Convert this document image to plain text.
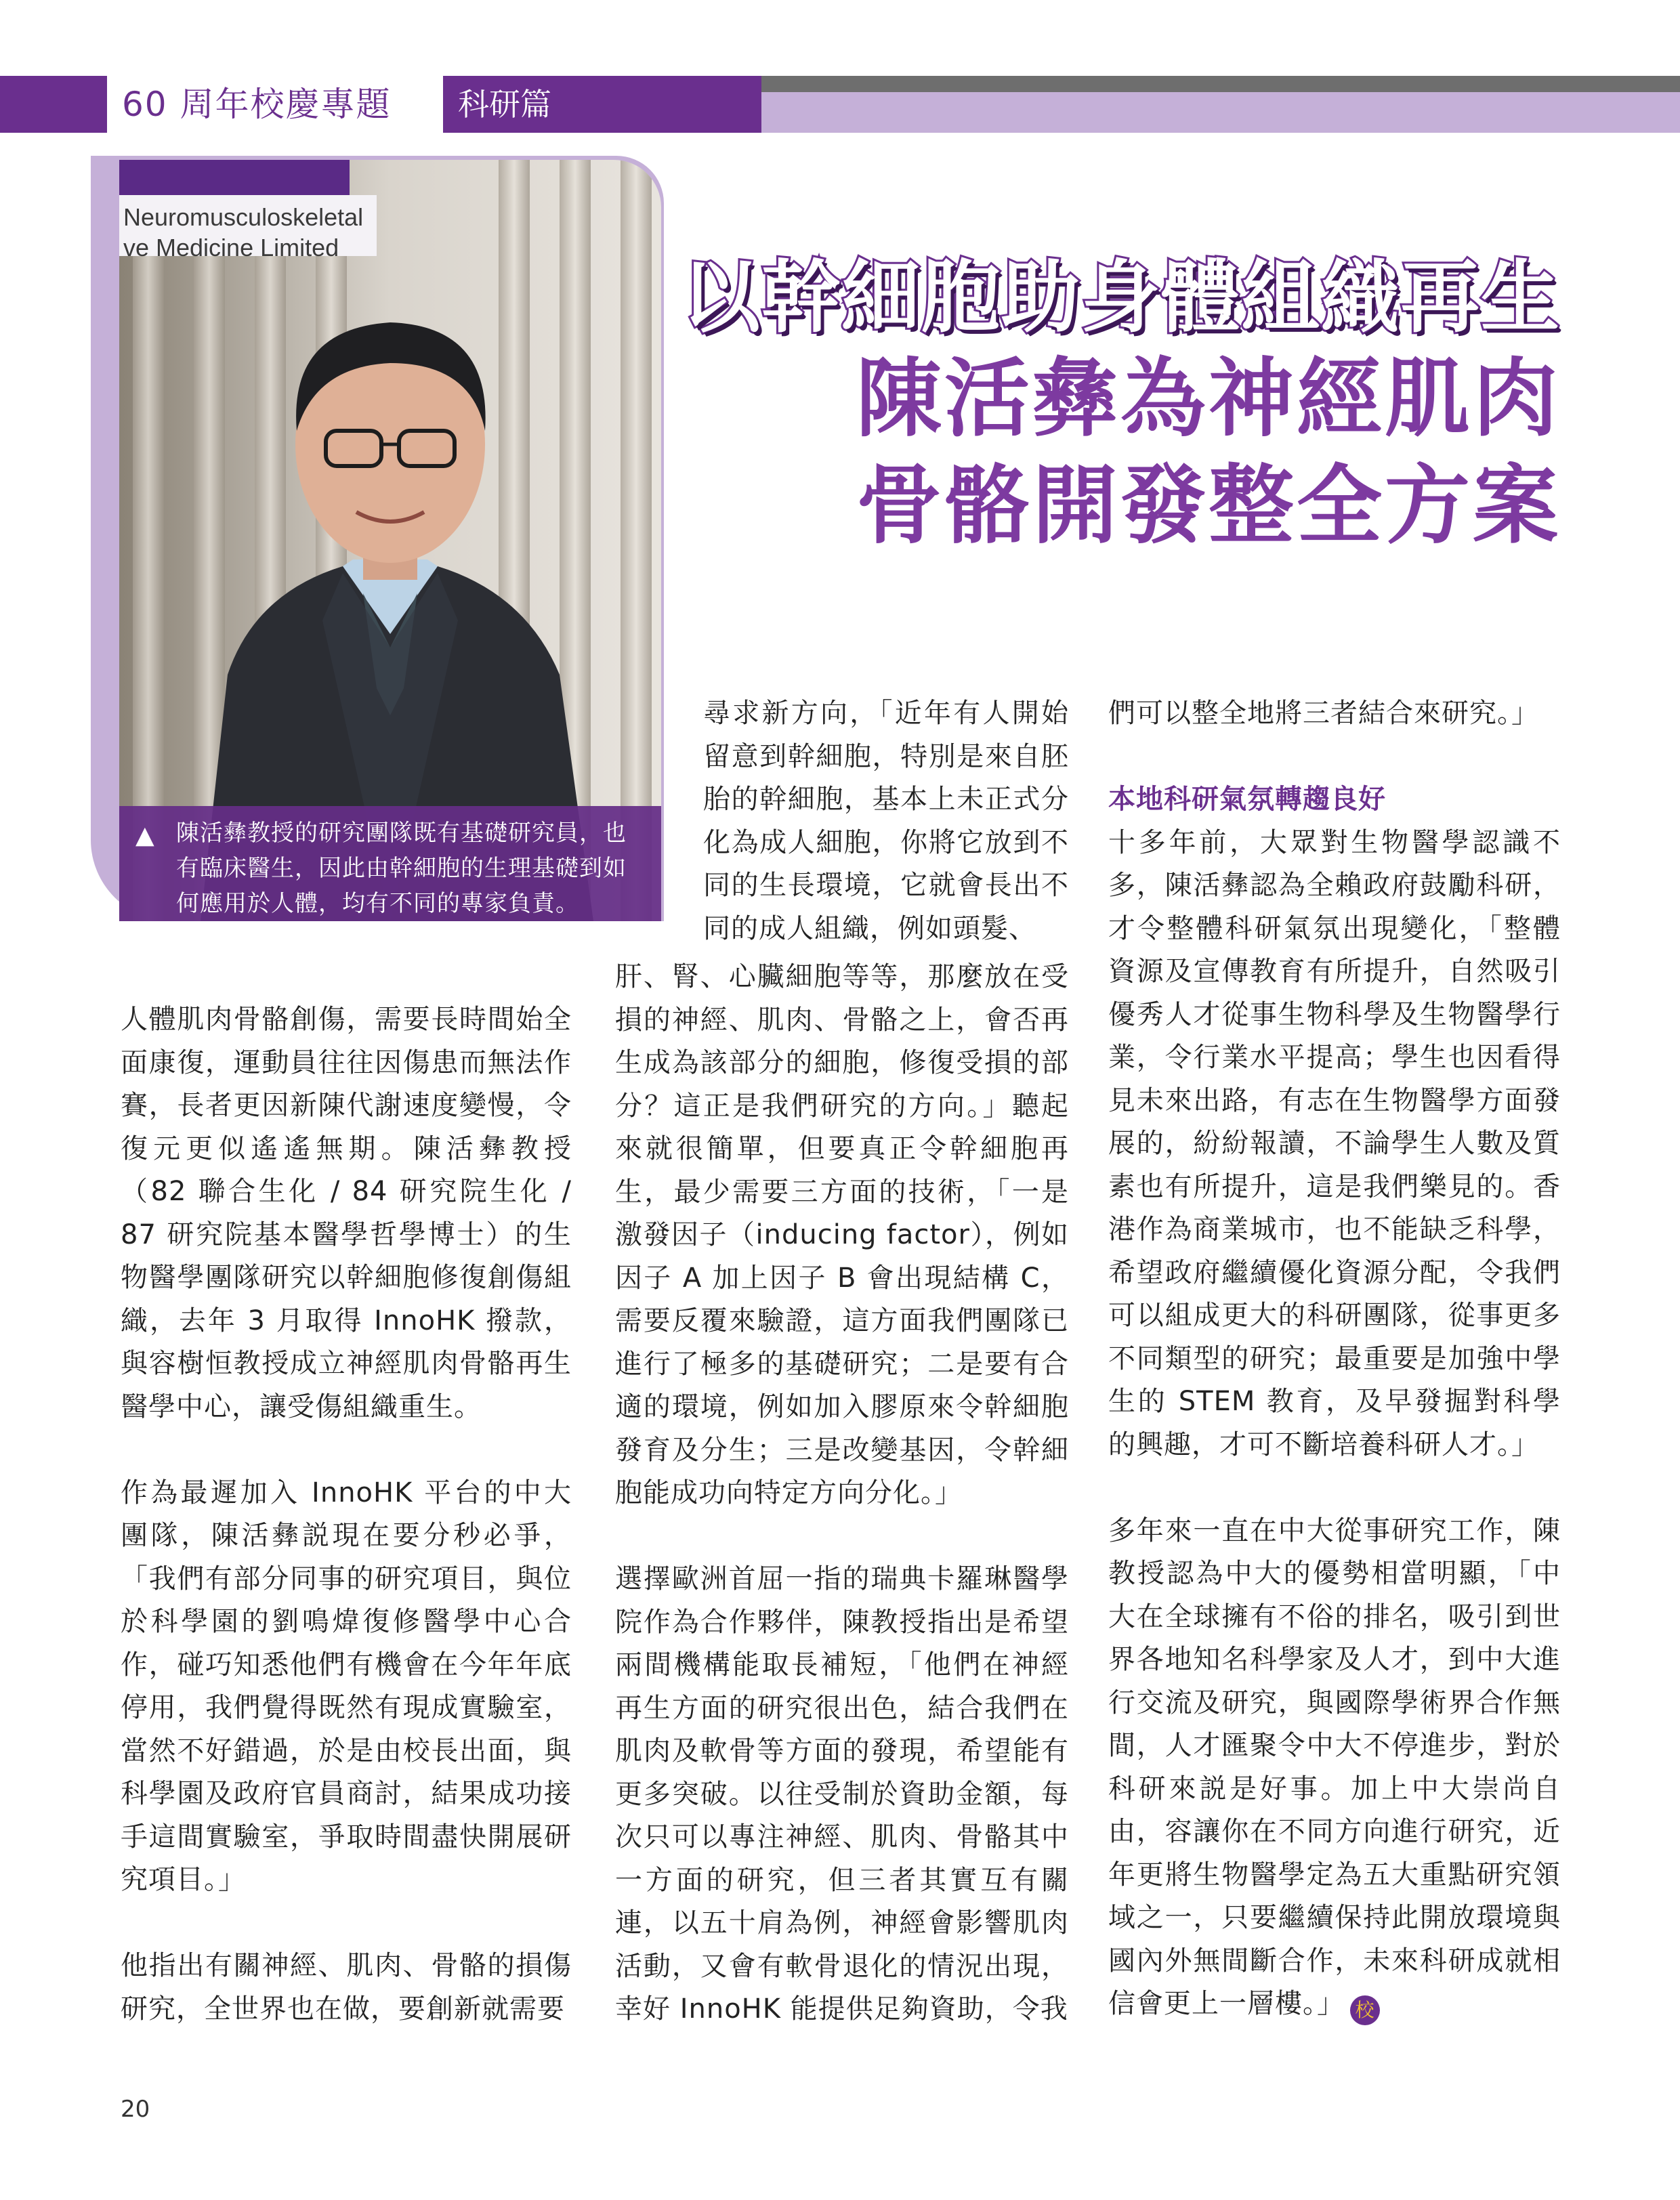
60 周年校慶專題	科研篇
Neuromusculoskeletal
ve Medicine Limited
▲ 陳活彝教授的研究團隊既有基礎研究員，也有臨床醫生，因此由幹細胞的生理基礎到如何應用於人體，均有不同的專家負責。
以幹細胞助身體組織再生
陳活彝為神經肌肉
骨骼開發整全方案

人體肌肉骨骼創傷，需要長時間始全面康復，運動員往往因傷患而無法作賽，長者更因新陳代謝速度變慢，令復元更似遙遙無期。陳活彝教授（82 聯合生化 / 84 研究院生化 / 87 研究院基本醫學哲學博士）的生物醫學團隊研究以幹細胞修復創傷組織，去年 3 月取得 InnoHK 撥款，與容樹恒教授成立神經肌肉骨骼再生醫學中心，讓受傷組織重生。

作為最遲加入 InnoHK 平台的中大團隊，陳活彝説現在要分秒必爭，「我們有部分同事的研究項目，與位於科學園的劉鳴煒復修醫學中心合作，碰巧知悉他們有機會在今年年底停用，我們覺得既然有現成實驗室，當然不好錯過，於是由校長出面，與科學園及政府官員商討，結果成功接手這間實驗室，爭取時間盡快開展研究項目。」

他指出有關神經、肌肉、骨骼的損傷研究，全世界也在做，要創新就需要

尋求新方向，「近年有人開始留意到幹細胞，特別是來自胚胎的幹細胞，基本上未正式分化為成人細胞，你將它放到不同的生長環境，它就會長出不同的成人組織，例如頭髮、

肝、腎、心臟細胞等等，那麼放在受損的神經、肌肉、骨骼之上，會否再生成為該部分的細胞，修復受損的部分？這正是我們研究的方向。」聽起來就很簡單，但要真正令幹細胞再生，最少需要三方面的技術，「一是激發因子（inducing factor），例如因子 A 加上因子 B 會出現結構 C，需要反覆來驗證，這方面我們團隊已進行了極多的基礎研究；二是要有合適的環境，例如加入膠原來令幹細胞發育及分生；三是改變基因，令幹細胞能成功向特定方向分化。」

選擇歐洲首屈一指的瑞典卡羅琳醫學院作為合作夥伴，陳教授指出是希望兩間機構能取長補短，「他們在神經再生方面的研究很出色，結合我們在肌肉及軟骨等方面的發現，希望能有更多突破。以往受制於資助金額，每次只可以專注神經、肌肉、骨骼其中一方面的研究，但三者其實互有關連，以五十肩為例，神經會影響肌肉活動，又會有軟骨退化的情況出現，幸好 InnoHK 能提供足夠資助，令我

們可以整全地將三者結合來研究。」

本地科研氣氛轉趨良好

十多年前，大眾對生物醫學認識不多，陳活彝認為全賴政府鼓勵科研，才令整體科研氣氛出現變化，「整體資源及宣傳教育有所提升，自然吸引優秀人才從事生物科學及生物醫學行業，令行業水平提高；學生也因看得見未來出路，有志在生物醫學方面發展的，紛紛報讀，不論學生人數及質素也有所提升，這是我們樂見的。香港作為商業城市，也不能缺乏科學，希望政府繼續優化資源分配，令我們可以組成更大的科研團隊，從事更多不同類型的研究；最重要是加強中學生的 STEM 教育，及早發掘對科學的興趣，才可不斷培養科研人才。」

多年來一直在中大從事研究工作，陳教授認為中大的優勢相當明顯，「中大在全球擁有不俗的排名，吸引到世界各地知名科學家及人才，到中大進行交流及研究，與國際學術界合作無間，人才匯聚令中大不停進步，對於科研來説是好事。加上中大崇尚自由，容讓你在不同方向進行研究，近年更將生物醫學定為五大重點研究領域之一，只要繼續保持此開放環境與國內外無間斷合作，未來科研成就相信會更上一層樓。」 校

20
